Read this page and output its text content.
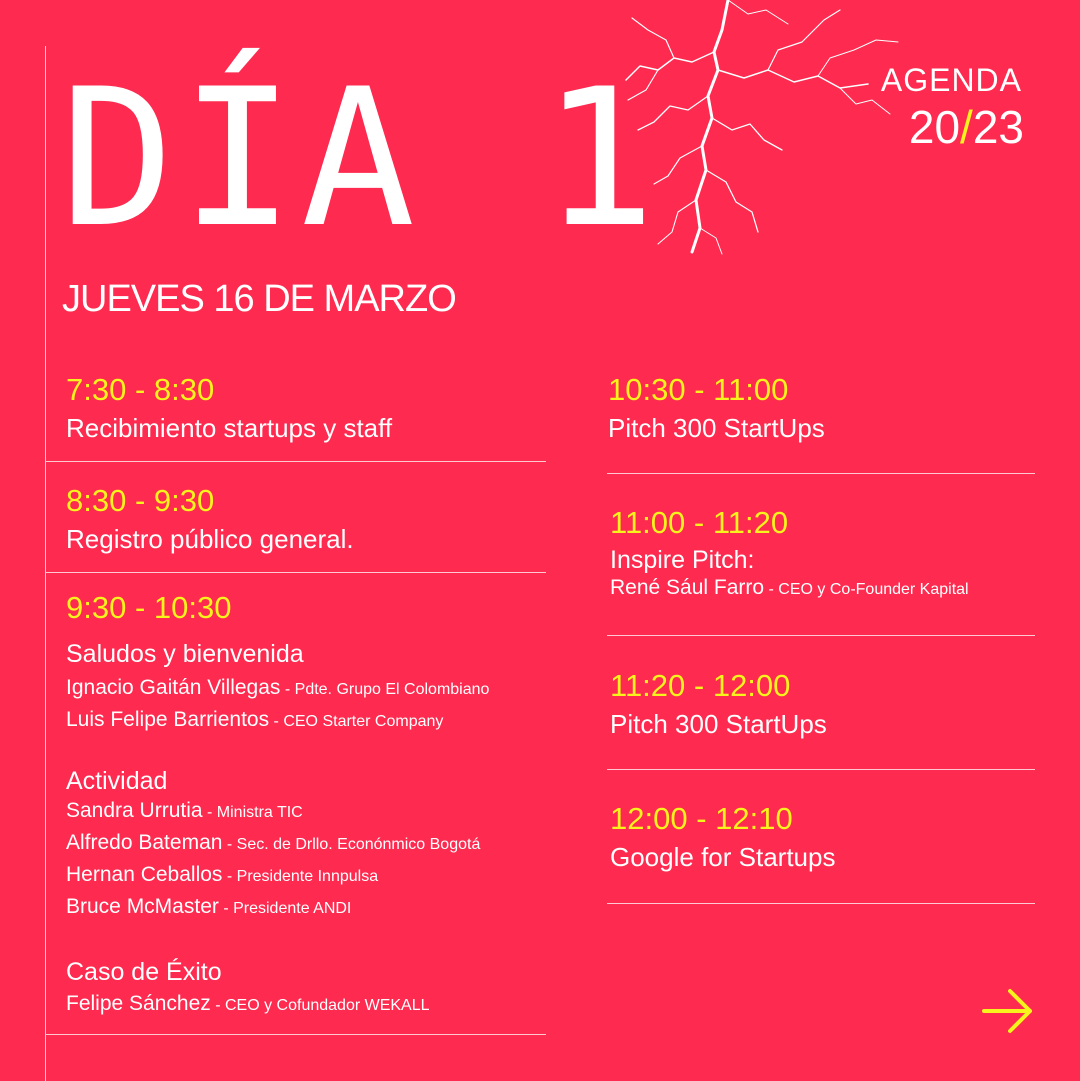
AGENDA
20/23
DÍA 1
JUEVES 16 DE MARZO
7:30 - 8:30
Recibimiento startups y staff
8:30 - 9:30
Registro público general.
9:30 - 10:30
Saludos y bienvenida
Ignacio Gaitán Villegas - Pdte. Grupo El Colombiano
Luis Felipe Barrientos - CEO Starter Company
Actividad
Sandra Urrutia - Ministra TIC
Alfredo Bateman - Sec. de Drllo. Econónmico Bogotá
Hernan Ceballos - Presidente Innpulsa
Bruce McMaster - Presidente ANDI
Caso de Éxito
Felipe Sánchez - CEO y Cofundador WEKALL
10:30 - 11:00
Pitch 300 StartUps
11:00 - 11:20
Inspire Pitch:
René Sául Farro - CEO y Co-Founder Kapital
11:20 - 12:00
Pitch 300 StartUps
12:00 - 12:10
Google for Startups
